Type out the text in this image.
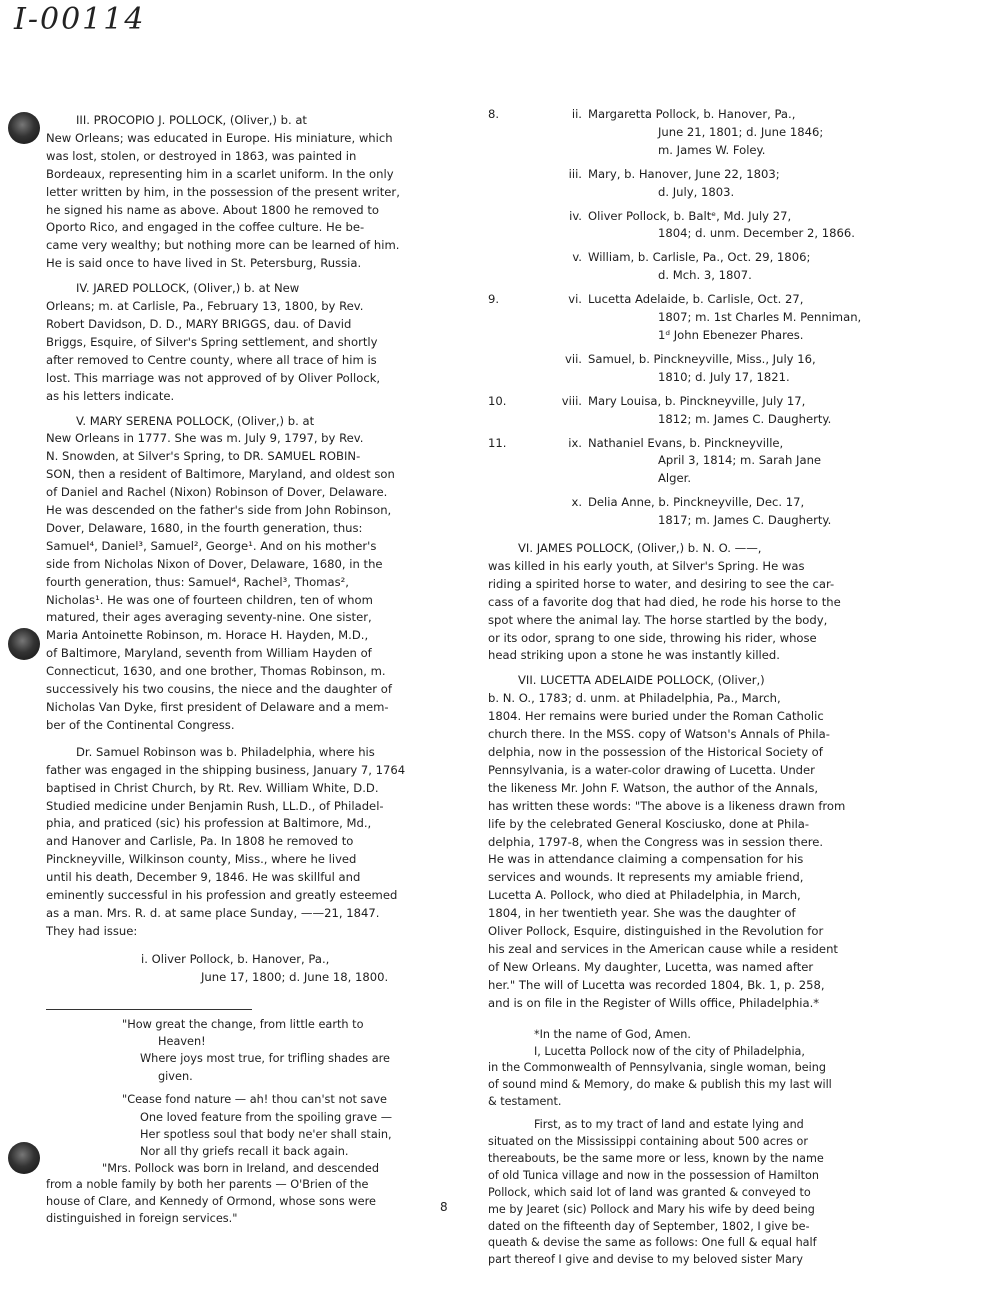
I-00114

III. PROCOPIO J. POLLOCK, (Oliver,) b. at

New Orleans; was educated in Europe. His miniature, which

was lost, stolen, or destroyed in 1863, was painted in

Bordeaux, representing him in a scarlet uniform. In the only

letter written by him, in the possession of the present writer,

he signed his name as above. About 1800 he removed to

Oporto Rico, and engaged in the coffee culture. He be-

came very wealthy; but nothing more can be learned of him.

He is said once to have lived in St. Petersburg, Russia.

IV. JARED POLLOCK, (Oliver,) b. at New

Orleans; m. at Carlisle, Pa., February 13, 1800, by Rev.

Robert Davidson, D. D., MARY BRIGGS, dau. of David

Briggs, Esquire, of Silver's Spring settlement, and shortly

after removed to Centre county, where all trace of him is

lost. This marriage was not approved of by Oliver Pollock,

as his letters indicate.

V. MARY SERENA POLLOCK, (Oliver,) b. at

New Orleans in 1777. She was m. July 9, 1797, by Rev.

N. Snowden, at Silver's Spring, to DR. SAMUEL ROBIN-

SON, then a resident of Baltimore, Maryland, and oldest son

of Daniel and Rachel (Nixon) Robinson of Dover, Delaware.

He was descended on the father's side from John Robinson,

Dover, Delaware, 1680, in the fourth generation, thus:

Samuel⁴, Daniel³, Samuel², George¹. And on his mother's

side from Nicholas Nixon of Dover, Delaware, 1680, in the

fourth generation, thus: Samuel⁴, Rachel³, Thomas²,

Nicholas¹. He was one of fourteen children, ten of whom

matured, their ages averaging seventy-nine. One sister,

Maria Antoinette Robinson, m. Horace H. Hayden, M.D.,

of Baltimore, Maryland, seventh from William Hayden of

Connecticut, 1630, and one brother, Thomas Robinson, m.

successively his two cousins, the niece and the daughter of

Nicholas Van Dyke, first president of Delaware and a mem-

ber of the Continental Congress.

Dr. Samuel Robinson was b. Philadelphia, where his

father was engaged in the shipping business, January 7, 1764

baptised in Christ Church, by Rt. Rev. William White, D.D.

Studied medicine under Benjamin Rush, LL.D., of Philadel-

phia, and praticed (sic) his profession at Baltimore, Md.,

and Hanover and Carlisle, Pa. In 1808 he removed to

Pinckneyville, Wilkinson county, Miss., where he lived

until his death, December 9, 1846. He was skillful and

eminently successful in his profession and greatly esteemed

as a man. Mrs. R. d. at same place Sunday, ——21, 1847.

They had issue:

i. Oliver Pollock, b. Hanover, Pa.,

June 17, 1800; d. June 18, 1800.

"How great the change, from little earth to

Heaven!

Where joys most true, for trifling shades are

given.

"Cease fond nature — ah! thou can'st not save

One loved feature from the spoiling grave —

Her spotless soul that body ne'er shall stain,

Nor all thy griefs recall it back again.

"Mrs. Pollock was born in Ireland, and descended

from a noble family by both her parents — O'Brien of the

house of Clare, and Kennedy of Ormond, whose sons were

distinguished in foreign services."

8.	ii. Margaretta Pollock, b. Hanover, Pa.,

June 21, 1801; d. June 1846;

m. James W. Foley.

iii. Mary, b. Hanover, June 22, 1803;

d. July, 1803.

iv. Oliver Pollock, b. Baltᵉ, Md. July 27,

1804; d. unm. December 2, 1866.

v. William, b. Carlisle, Pa., Oct. 29, 1806;

d. Mch. 3, 1807.

9.	vi. Lucetta Adelaide, b. Carlisle, Oct. 27,

1807; m. 1st Charles M. Penniman,

1ᵈ John Ebenezer Phares.

vii. Samuel, b. Pinckneyville, Miss., July 16,

1810; d. July 17, 1821.

10.	viii. Mary Louisa, b. Pinckneyville, July 17,

1812; m. James C. Daugherty.

11.	ix. Nathaniel Evans, b. Pinckneyville,

April 3, 1814; m. Sarah Jane

Alger.

x. Delia Anne, b. Pinckneyville, Dec. 17,

1817; m. James C. Daugherty.

VI. JAMES POLLOCK, (Oliver,) b. N. O. ——,

was killed in his early youth, at Silver's Spring. He was

riding a spirited horse to water, and desiring to see the car-

cass of a favorite dog that had died, he rode his horse to the

spot where the animal lay. The horse startled by the body,

or its odor, sprang to one side, throwing his rider, whose

head striking upon a stone he was instantly killed.

VII. LUCETTA ADELAIDE POLLOCK, (Oliver,)

b. N. O., 1783; d. unm. at Philadelphia, Pa., March,

1804. Her remains were buried under the Roman Catholic

church there. In the MSS. copy of Watson's Annals of Phila-

delphia, now in the possession of the Historical Society of

Pennsylvania, is a water-color drawing of Lucetta. Under

the likeness Mr. John F. Watson, the author of the Annals,

has written these words: "The above is a likeness drawn from

life by the celebrated General Kosciusko, done at Phila-

delphia, 1797-8, when the Congress was in session there.

He was in attendance claiming a compensation for his

services and wounds. It represents my amiable friend,

Lucetta A. Pollock, who died at Philadelphia, in March,

1804, in her twentieth year. She was the daughter of

Oliver Pollock, Esquire, distinguished in the Revolution for

his zeal and services in the American cause while a resident

of New Orleans. My daughter, Lucetta, was named after

her." The will of Lucetta was recorded 1804, Bk. 1, p. 258,

and is on file in the Register of Wills office, Philadelphia.*

*In the name of God, Amen.

I, Lucetta Pollock now of the city of Philadelphia,

in the Commonwealth of Pennsylvania, single woman, being

of sound mind & Memory, do make & publish this my last will

& testament.

First, as to my tract of land and estate lying and

situated on the Mississippi containing about 500 acres or

thereabouts, be the same more or less, known by the name

of old Tunica village and now in the possession of Hamilton

Pollock, which said lot of land was granted & conveyed to

me by Jearet (sic) Pollock and Mary his wife by deed being

dated on the fifteenth day of September, 1802, I give be-

queath & devise the same as follows: One full & equal half

part thereof I give and devise to my beloved sister Mary

8
